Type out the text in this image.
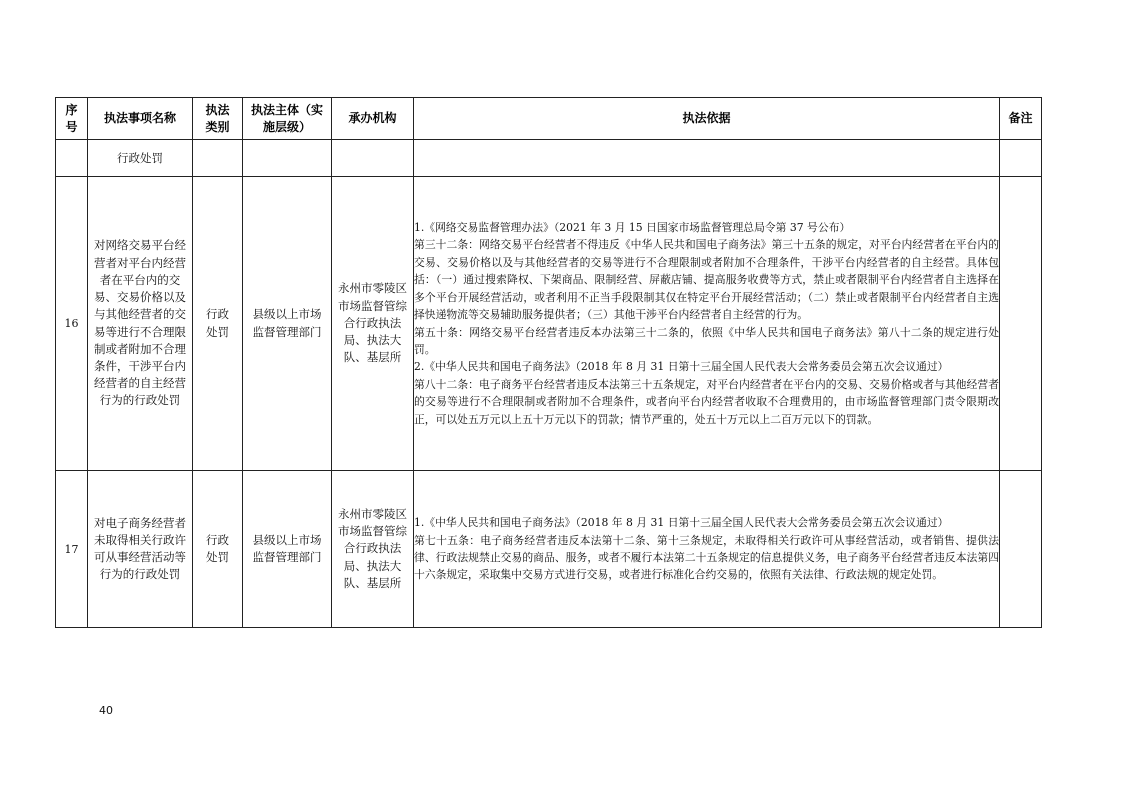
序号	执法事项名称	执法类别	执法主体（实施层级）	承办机构	执法依据	备注

	行政处罚					

16	对网络交易平台经营者对平台内经营者在平台内的交易、交易价格以及与其他经营者的交易等进行不合理限制或者附加不合理条件，干涉平台内经营者的自主经营行为的行政处罚	行政处罚	县级以上市场监督管理部门	永州市零陵区市场监督管综合行政执法局、执法大队、基层所	1.《网络交易监督管理办法》（2021 年 3 月 15 日国家市场监督管理总局令第 37 号公布）
第三十二条：网络交易平台经营者不得违反《中华人民共和国电子商务法》第三十五条的规定，对平台内经营者在平台内的交易、交易价格以及与其他经营者的交易等进行不合理限制或者附加不合理条件，干涉平台内经营者的自主经营。具体包括：（一）通过搜索降权、下架商品、限制经营、屏蔽店铺、提高服务收费等方式，禁止或者限制平台内经营者自主选择在多个平台开展经营活动，或者利用不正当手段限制其仅在特定平台开展经营活动；（二）禁止或者限制平台内经营者自主选择快递物流等交易辅助服务提供者；（三）其他干涉平台内经营者自主经营的行为。
第五十条：网络交易平台经营者违反本办法第三十二条的，依照《中华人民共和国电子商务法》第八十二条的规定进行处罚。
2.《中华人民共和国电子商务法》（2018 年 8 月 31 日第十三届全国人民代表大会常务委员会第五次会议通过）
第八十二条：电子商务平台经营者违反本法第三十五条规定，对平台内经营者在平台内的交易、交易价格或者与其他经营者的交易等进行不合理限制或者附加不合理条件，或者向平台内经营者收取不合理费用的，由市场监督管理部门责令限期改正，可以处五万元以上五十万元以下的罚款；情节严重的，处五十万元以上二百万元以下的罚款。	

17	对电子商务经营者未取得相关行政许可从事经营活动等行为的行政处罚	行政处罚	县级以上市场监督管理部门	永州市零陵区市场监督管综合行政执法局、执法大队、基层所	1.《中华人民共和国电子商务法》（2018 年 8 月 31 日第十三届全国人民代表大会常务委员会第五次会议通过）
第七十五条：电子商务经营者违反本法第十二条、第十三条规定，未取得相关行政许可从事经营活动，或者销售、提供法律、行政法规禁止交易的商品、服务，或者不履行本法第二十五条规定的信息提供义务，电子商务平台经营者违反本法第四十六条规定，采取集中交易方式进行交易，或者进行标准化合约交易的，依照有关法律、行政法规的规定处罚。	

40
